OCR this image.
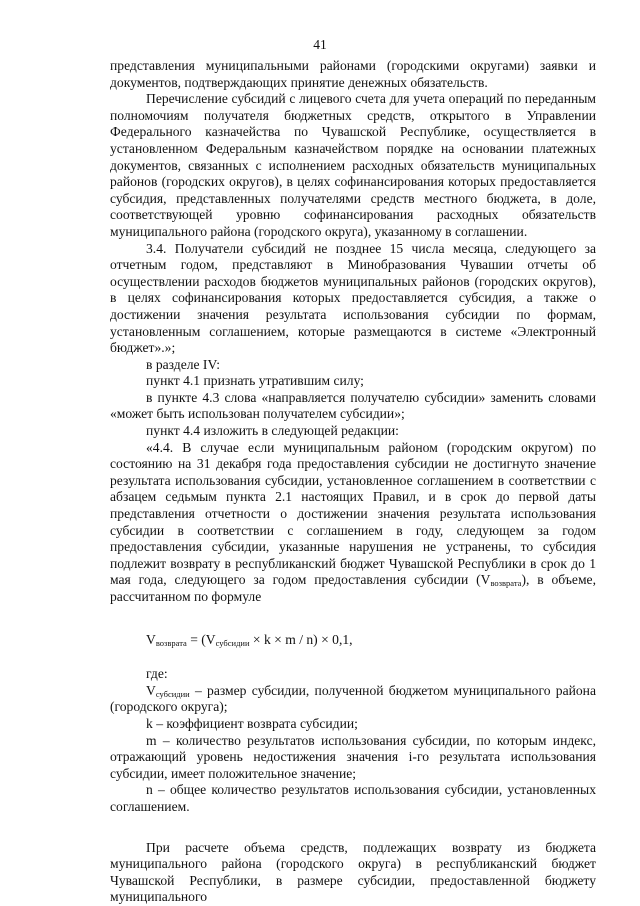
41

представления муниципальными районами (городскими округами) заявки и документов, подтверждающих принятие денежных обязательств.

Перечисление субсидий с лицевого счета для учета операций по переданным полномочиям получателя бюджетных средств, открытого в Управлении Федерального казначейства по Чувашской Республике, осуществляется в установленном Федеральным казначейством порядке на основании платежных документов, связанных с исполнением расходных обязательств муниципальных районов (городских округов), в целях софинансирования которых предоставляется субсидия, представленных получателями средств местного бюджета, в доле, соответствующей уровню софинансирования расходных обязательств муниципального района (городского округа), указанному в соглашении.

3.4. Получатели субсидий не позднее 15 числа месяца, следующего за отчетным годом, представляют в Минобразования Чувашии отчеты об осуществлении расходов бюджетов муниципальных районов (городских округов), в целях софинансирования которых предоставляется субсидия, а также о достижении значения результата использования субсидии по формам, установленным соглашением, которые размещаются в системе «Электронный бюджет».»;

в разделе IV:

пункт 4.1 признать утратившим силу;

в пункте 4.3 слова «направляется получателю субсидии» заменить словами «может быть использован получателем субсидии»;

пункт 4.4 изложить в следующей редакции:

«4.4. В случае если муниципальным районом (городским округом) по состоянию на 31 декабря года предоставления субсидии не достигнуто значение результата использования субсидии, установленное соглашением в соответствии с абзацем седьмым пункта 2.1 настоящих Правил, и в срок до первой даты представления отчетности о достижении значения результата использования субсидии в соответствии с соглашением в году, следующем за годом предоставления субсидии, указанные нарушения не устранены, то субсидия подлежит возврату в республиканский бюджет Чувашской Республики в срок до 1 мая года, следующего за годом предоставления субсидии $(V_{возврата})$, в объеме, рассчитанном по формуле

$V_{возврата} = (V_{субсидии} \times k \times m / n) \times 0,1$,

где:

$V_{субсидии}$ – размер субсидии, полученной бюджетом муниципального района (городского округа);

k – коэффициент возврата субсидии;

m – количество результатов использования субсидии, по которым индекс, отражающий уровень недостижения значения i-го результата использования субсидии, имеет положительное значение;

n – общее количество результатов использования субсидии, установленных соглашением.

При расчете объема средств, подлежащих возврату из бюджета муниципального района (городского округа) в республиканский бюджет Чувашской Республики, в размере субсидии, предоставленной бюджету муниципального
